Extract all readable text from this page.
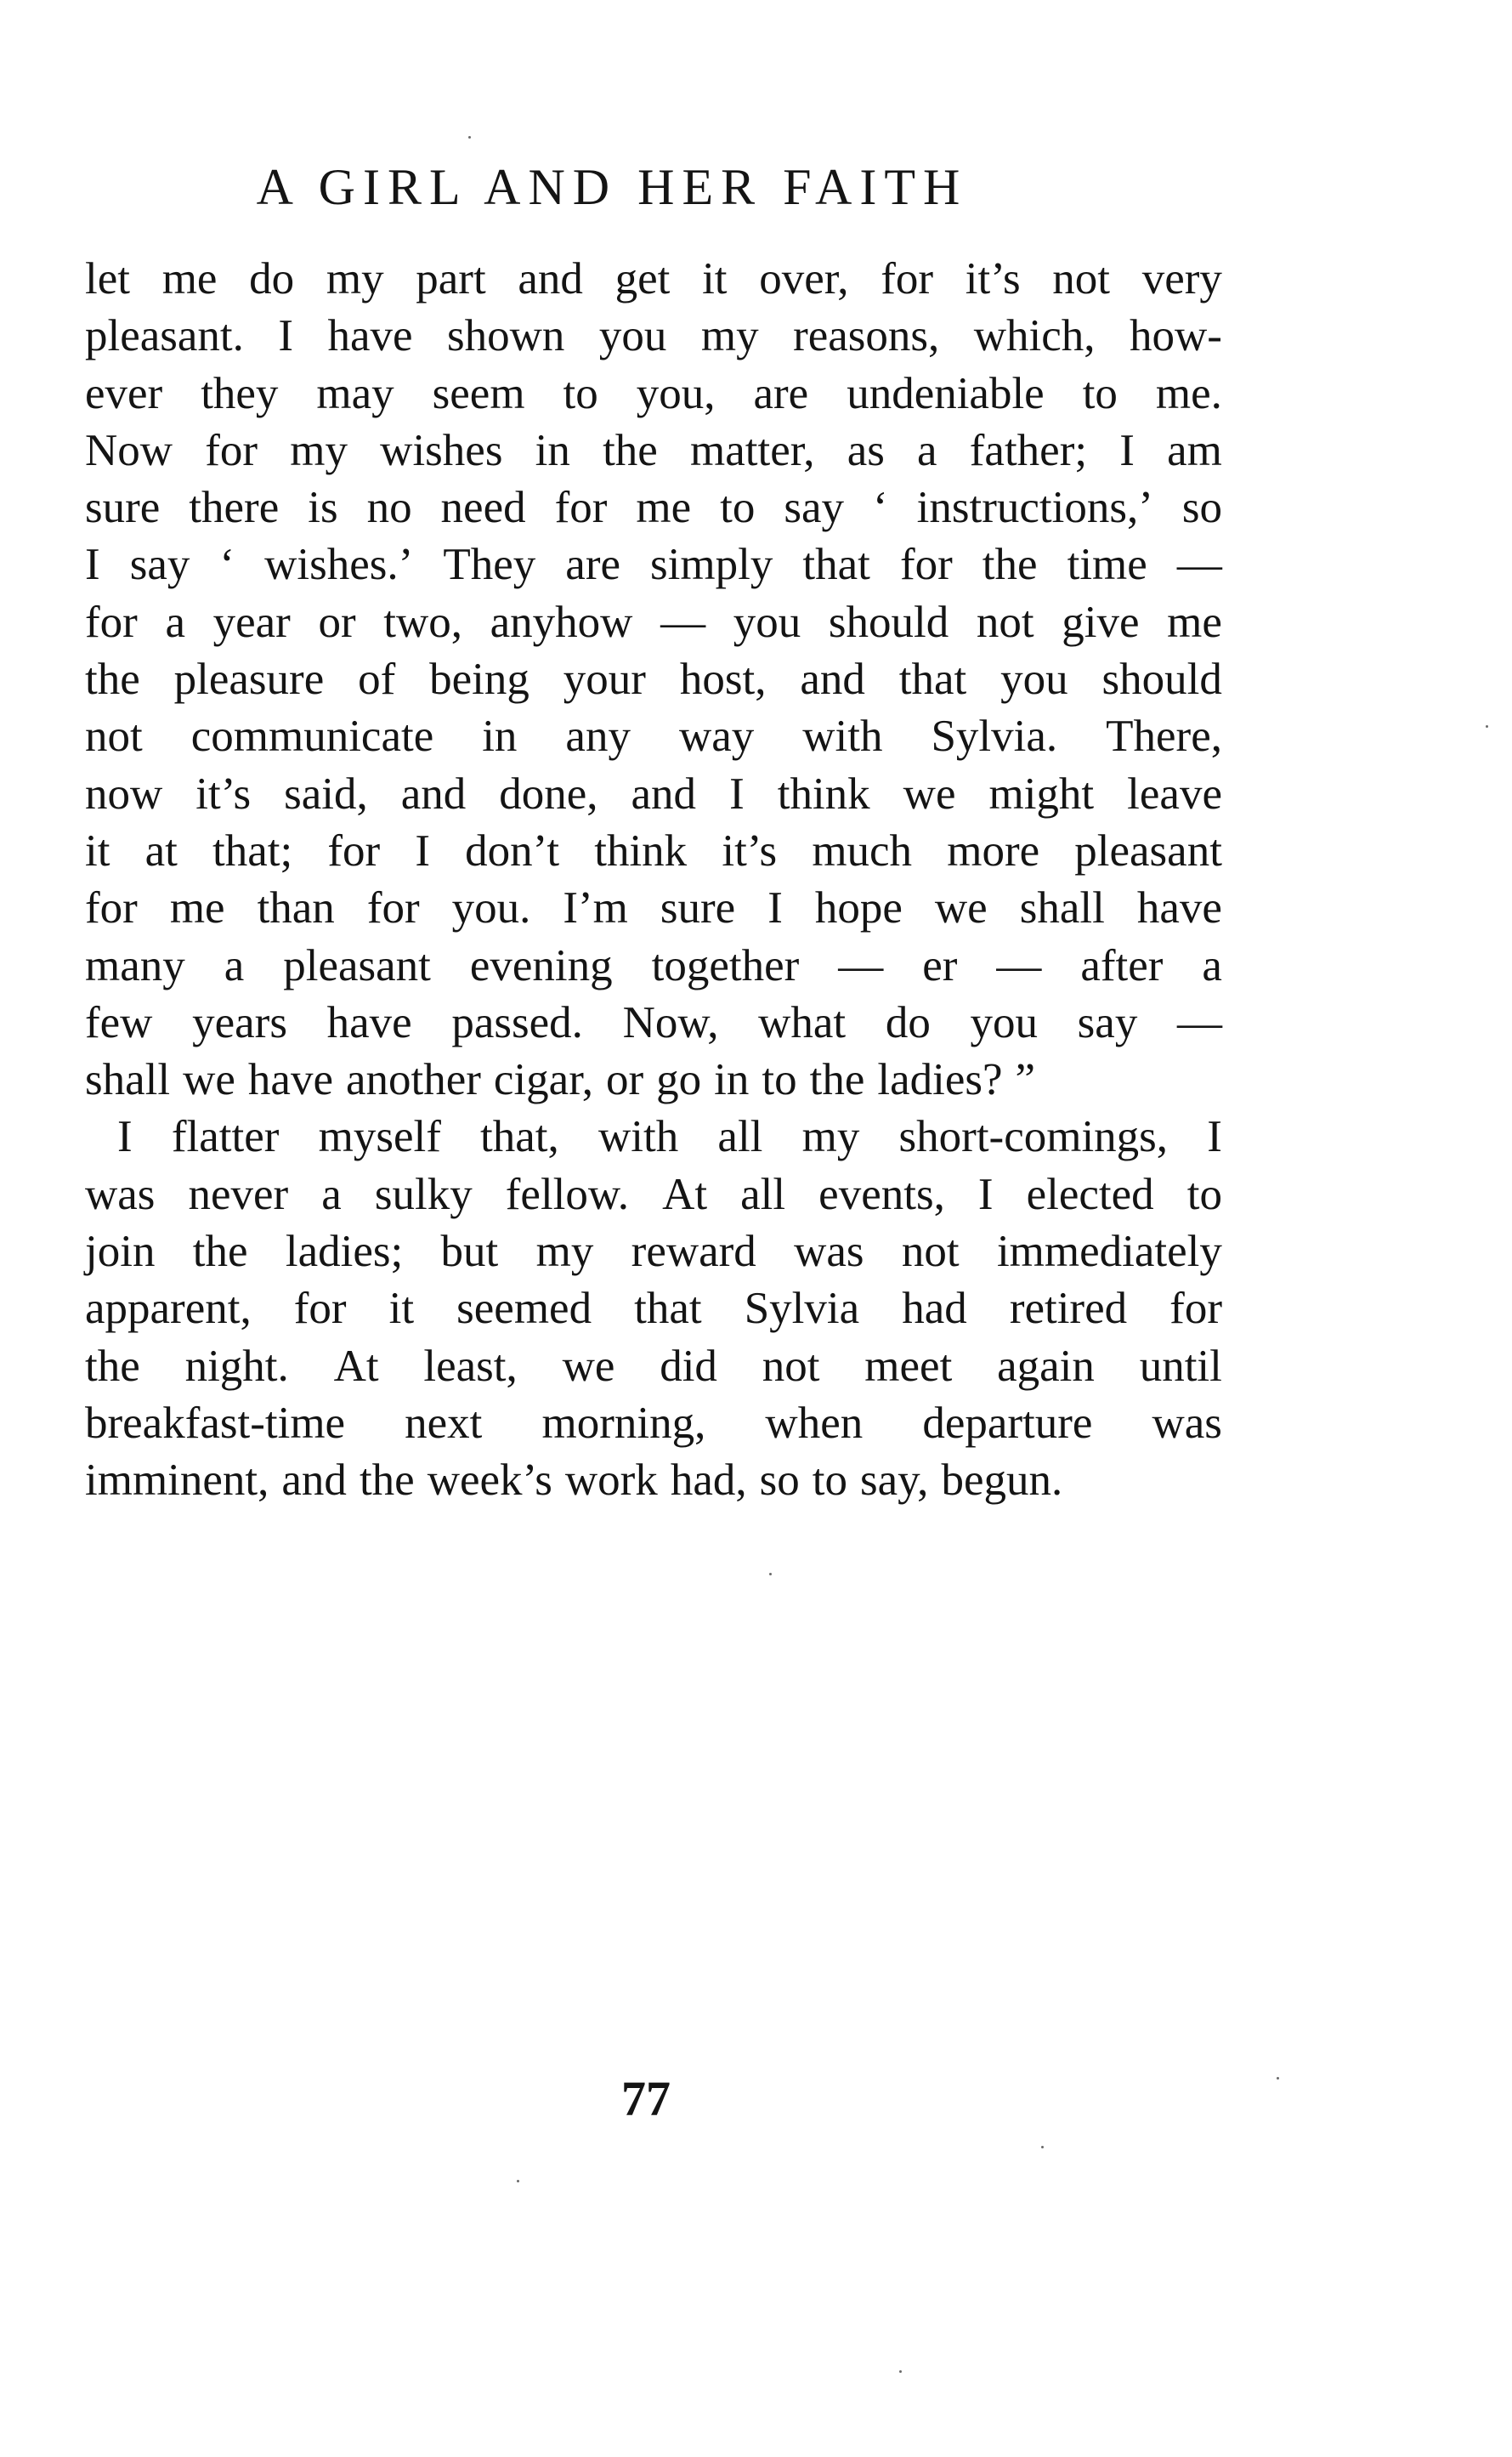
A GIRL AND HER FAITH
let me do my part and get it over, for it’s not very
pleasant. I have shown you my reasons, which, how-
ever they may seem to you, are undeniable to me.
Now for my wishes in the matter, as a father; I am
sure there is no need for me to say ‘ instructions,’ so
I say ‘ wishes.’ They are simply that for the time —
for a year or two, anyhow — you should not give me
the pleasure of being your host, and that you should
not communicate in any way with Sylvia. There,
now it’s said, and done, and I think we might leave
it at that; for I don’t think it’s much more pleasant
for me than for you. I’m sure I hope we shall have
many a pleasant evening together — er — after a
few years have passed. Now, what do you say —
shall we have another cigar, or go in to the ladies? ”
I flatter myself that, with all my short-comings, I
was never a sulky fellow. At all events, I elected to
join the ladies; but my reward was not immediately
apparent, for it seemed that Sylvia had retired for
the night. At least, we did not meet again until
breakfast-time next morning, when departure was
imminent, and the week’s work had, so to say, begun.
77
